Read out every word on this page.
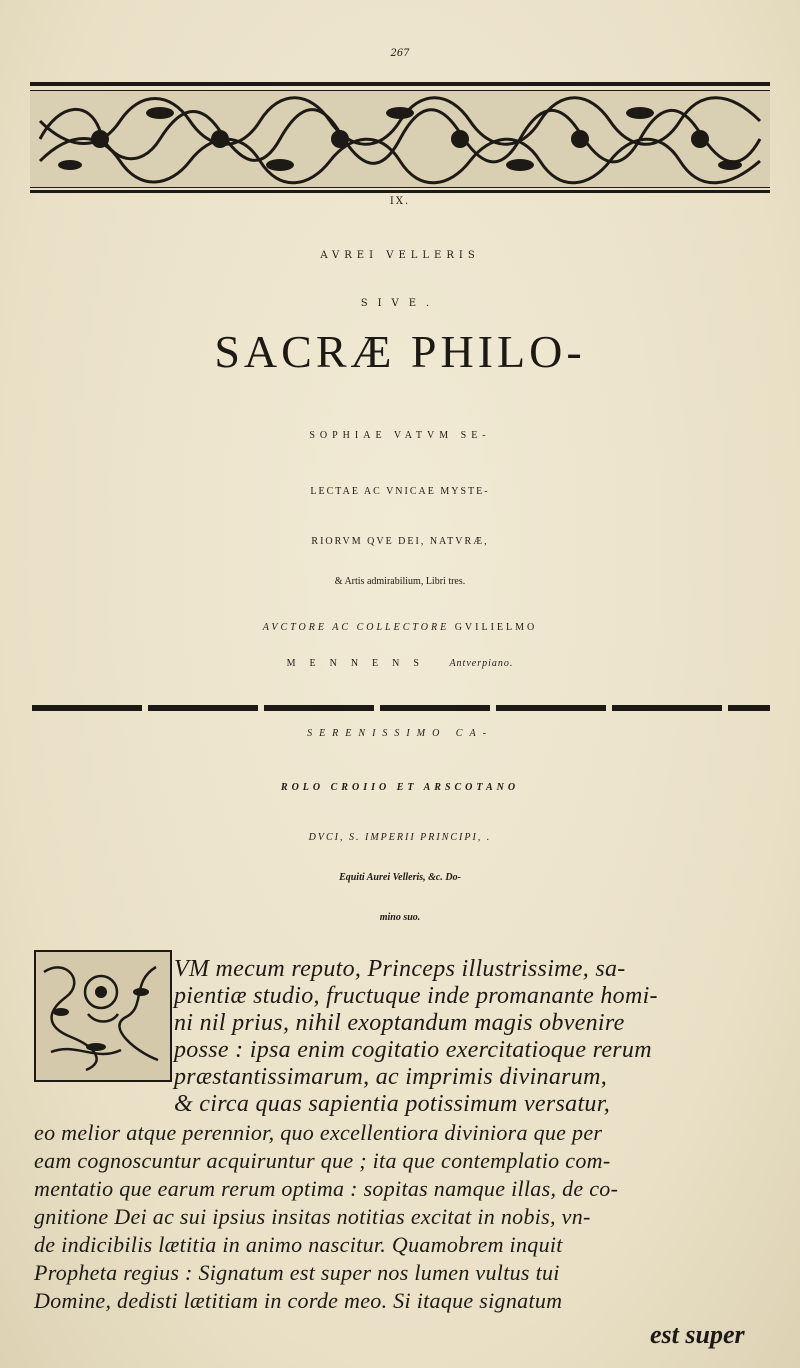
267
IX.
AVREI VELLERIS
SIVE.
SACRÆ PHILO-
SOPHIAE VATVM SE-
LECTAE AC VNICAE MYSTE-
RIORVM QVE DEI, NATVRÆ,
& Artis admirabilium, Libri tres.
AVCTORE AC COLLECTORE GVILIELMO
MENNENS Antverpiano.
SERENISSIMO CA-
ROLO CROIIO ET ARSCOTANO
DVCI, S. IMPERII PRINCIPI, .
Equiti Aurei Velleris, &c. Do-
mino suo.
VM mecum reputo, Princeps illustrissime, sa-
pientiæ studio, fructuque inde promanante homi-
ni nil prius, nihil exoptandum magis obvenire
posse : ipsa enim cogitatio exercitatioque rerum
præstantissimarum, ac imprimis divinarum,
& circa quas sapientia potissimum versatur,
eo melior atque perennior, quo excellentiora diviniora que per
eam cognoscuntur acquiruntur que ; ita que contemplatio com-
mentatio que earum rerum optima : sopitas namque illas, de co-
gnitione Dei ac sui ipsius insitas notitias excitat in nobis, vn-
de indicibilis lætitia in animo nascitur. Quamobrem inquit
Propheta regius : Signatum est super nos lumen vultus tui
Domine, dedisti lætitiam in corde meo. Si itaque signatum
est super
